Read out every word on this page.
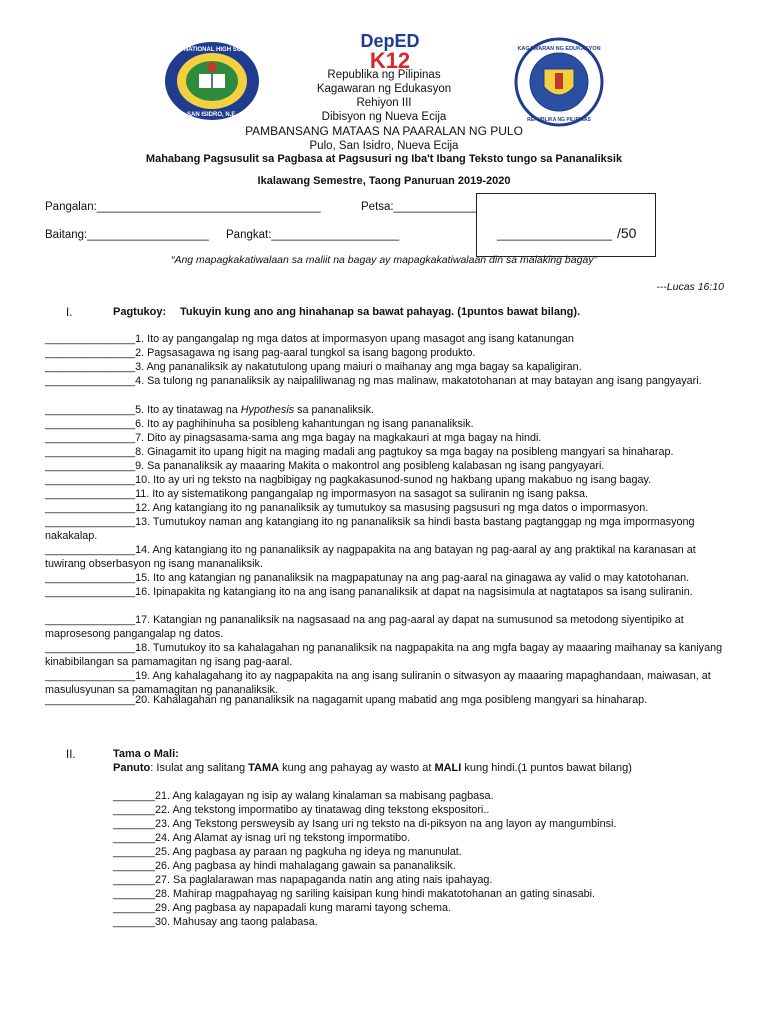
PULO NATIONAL HIGH SCHOOL
SAN ISIDRO, N.E.
DepED
K12	KAGAWARAN NG EDUKASYON
REPUBLIKA NG PILIPINAS
Republika ng Pilipinas
Kagawaran ng Edukasyon
Rehiyon III
Dibisyon ng Nueva Ecija
PAMBANSANG MATAAS NA PAARALAN NG PULO
Pulo, San Isidro, Nueva Ecija
Mahabang Pagsusulit sa Pagbasa at Pagsusuri ng Iba't Ibang Teksto tungo sa Pananaliksik
Ikalawang Semestre, Taong Panuruan 2019-2020
Pangalan:___________________________________	Petsa:_____________
Baitang:___________________ Pangkat:____________________	__________________ /50
“Ang mapagkakatiwalaan sa maliit na bagay ay mapagkakatiwalaan din sa malaking bagay”
---Lucas 16:10
I.	Pagtukoy: Tukuyin kung ano ang hinahanap sa bawat pahayag. (1puntos bawat bilang).
_______________1. Ito ay pangangalap ng mga datos at impormasyon upang masagot ang isang katanungan
_______________2. Pagsasagawa ng isang pag-aaral tungkol sa isang bagong produkto.
_______________3. Ang pananaliksik ay nakatutulong upang maiuri o maihanay ang mga bagay sa kapaligiran.
_______________4. Sa tulong ng pananaliksik ay naipaliliwanag ng mas malinaw, makatotohanan at may batayan ang isang pangyayari.
_______________5. Ito ay tinatawag na Hypothesis sa pananaliksik.
_______________6. Ito ay paghihinuha sa posibleng kahantungan ng isang pananaliksik.
_______________7. Dito ay pinagsasama-sama ang mga bagay na magkakauri at mga bagay na hindi.
_______________8. Ginagamit ito upang higit na maging madali ang pagtukoy sa mga bagay na posibleng mangyari sa hinaharap.
_______________9. Sa pananaliksik ay maaaring Makita o makontrol ang posibleng kalabasan ng isang pangyayari.
_______________10. Ito ay uri ng teksto na nagbibigay ng pagkakasunod-sunod ng hakbang upang makabuo ng isang bagay.
_______________11. Ito ay sistematikong pangangalap ng impormasyon na sasagot sa suliranin ng isang paksa.
_______________12. Ang katangiang ito ng pananaliksik ay tumutukoy sa masusing pagsusuri ng mga datos o impormasyon.
_______________13. Tumutukoy naman ang katangiang ito ng pananaliksik sa hindi basta bastang pagtanggap ng mga impormasyong nakakalap.
_______________14. Ang katangiang ito ng pananaliksik ay nagpapakita na ang batayan ng pag-aaral ay ang praktikal na karanasan at tuwirang obserbasyon ng isang mananaliksik.
_______________15. Ito ang katangian ng pananaliksik na magpapatunay na ang pag-aaral na ginagawa ay valid o may katotohanan.
_______________16. Ipinapakita ng katangiang ito na ang isang pananaliksik at dapat na nagsisimula at nagtatapos sa isang suliranin.
_______________17. Katangian ng pananaliksik na nagsasaad na ang pag-aaral ay dapat na sumusunod sa metodong siyentipiko at maprosesong pangangalap ng datos.
_______________18. Tumutukoy ito sa kahalagahan ng pananaliksik na nagpapakita na ang mgfa bagay ay maaaring maihanay sa kaniyang kinabibilangan sa pamamagitan ng isang pag-aaral.
_______________19. Ang kahalagahang ito ay nagpapakita na ang isang suliranin o sitwasyon ay maaaring mapaghandaan, maiwasan, at masulusyunan sa pamamagitan ng pananaliksik.
_______________20. Kahalagahan ng pananaliksik na nagagamit upang mabatid ang mga posibleng mangyari sa hinaharap.
II.	Tama o Mali:
Panuto: Isulat ang salitang TAMA kung ang pahayag ay wasto at MALI kung hindi.(1 puntos bawat bilang)
_______21. Ang kalagayan ng isip ay walang kinalaman sa mabisang pagbasa.
_______22. Ang tekstong impormatibo ay tinatawag ding tekstong ekspositori..
_______23. Ang Tekstong persweysib ay Isang uri ng teksto na di-piksyon na ang layon ay mangumbinsi.
_______24. Ang Alamat ay isnag uri ng tekstong impormatibo.
_______25. Ang pagbasa ay paraan ng pagkuha ng ideya ng manunulat.
_______26. Ang pagbasa ay hindi mahalagang gawain sa pananaliksik.
_______27. Sa paglalarawan mas napapaganda natin ang ating nais ipahayag.
_______28. Mahirap magpahayag ng sariling kaisipan kung hindi makatotohanan an gating sinasabi.
_______29. Ang pagbasa ay napapadali kung marami tayong schema.
_______30. Mahusay ang taong palabasa.
